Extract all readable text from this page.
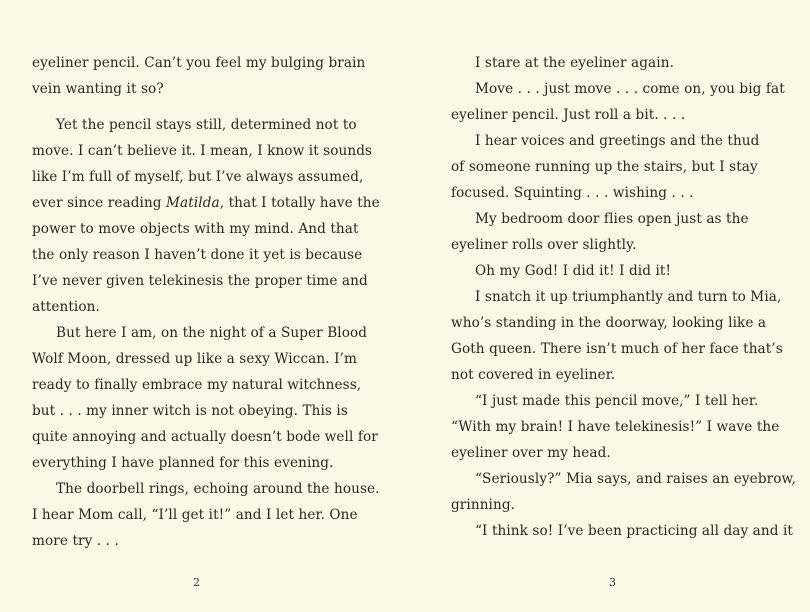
eyeliner pencil. Can’t you feel my bulging brain
vein wanting it so?
Yet the pencil stays still, determined not to
move. I can’t believe it. I mean, I know it sounds
like I’m full of myself, but I’ve always assumed,
ever since reading Matilda, that I totally have the
power to move objects with my mind. And that
the only reason I haven’t done it yet is because
I’ve never given telekinesis the proper time and
attention.
But here I am, on the night of a Super Blood
Wolf Moon, dressed up like a sexy Wiccan. I’m
ready to finally embrace my natural witchness,
but . . . my inner witch is not obeying. This is
quite annoying and actually doesn’t bode well for
everything I have planned for this evening.
The doorbell rings, echoing around the house.
I hear Mom call, “I’ll get it!” and I let her. One
more try . . .
2
I stare at the eyeliner again.
Move . . . just move . . . come on, you big fat
eyeliner pencil. Just roll a bit. . . .
I hear voices and greetings and the thud
of someone running up the stairs, but I stay
focused. Squinting . . . wishing . . .
My bedroom door flies open just as the
eyeliner rolls over slightly.
Oh my God! I did it! I did it!
I snatch it up triumphantly and turn to Mia,
who’s standing in the doorway, looking like a
Goth queen. There isn’t much of her face that’s
not covered in eyeliner.
“I just made this pencil move,” I tell her.
“With my brain! I have telekinesis!” I wave the
eyeliner over my head.
“Seriously?” Mia says, and raises an eyebrow,
grinning.
“I think so! I’ve been practicing all day and it
3
